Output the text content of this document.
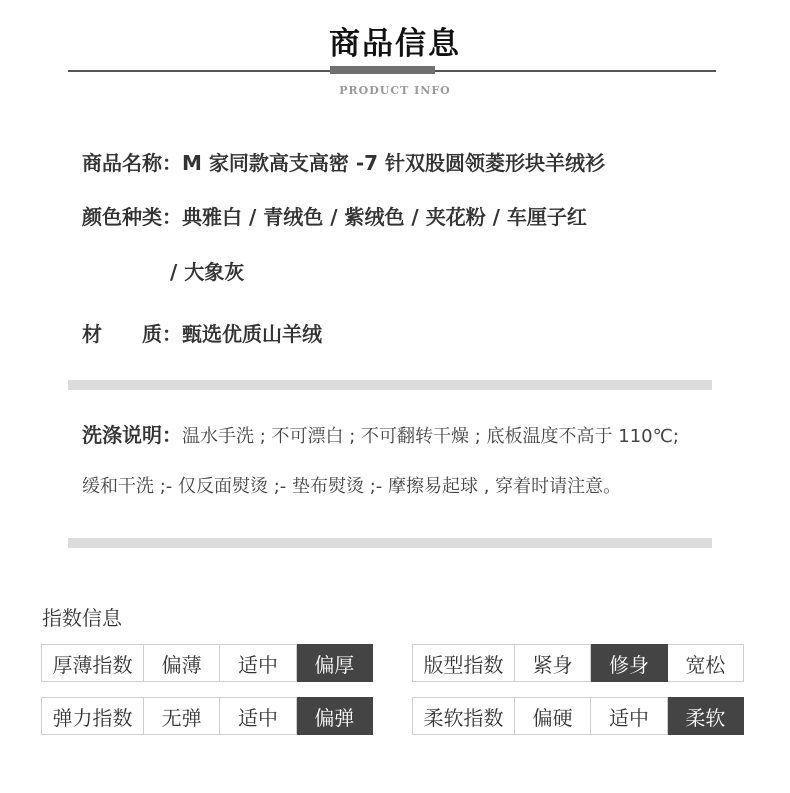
商品信息
PRODUCT INFO
商品名称：M 家同款高支高密 -7 针双股圆领菱形块羊绒衫
颜色种类：典雅白 / 青绒色 / 紫绒色 / 夹花粉 / 车厘子红
/ 大象灰
材　　质：甄选优质山羊绒
洗涤说明：温水手洗 ; 不可漂白 ; 不可翻转干燥 ; 底板温度不高于 110℃;
缓和干洗 ;- 仅反面熨烫 ;- 垫布熨烫 ;- 摩擦易起球 , 穿着时请注意。
指数信息
厚薄指数	偏薄	适中	偏厚	版型指数	紧身	修身	宽松
弹力指数	无弹	适中	偏弹	柔软指数	偏硬	适中	柔软
